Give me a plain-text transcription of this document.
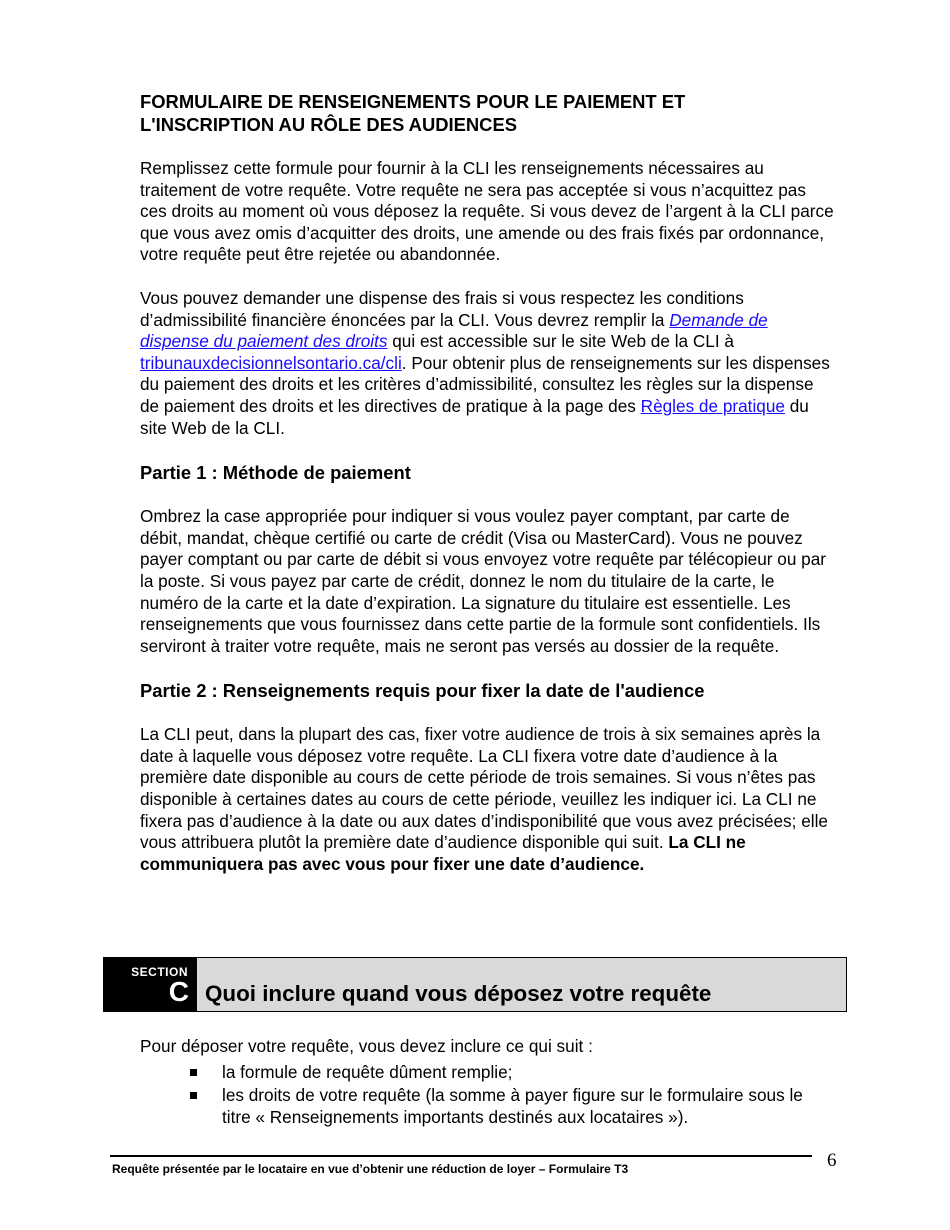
FORMULAIRE DE RENSEIGNEMENTS POUR LE PAIEMENT ET
L'INSCRIPTION AU RÔLE DES AUDIENCES

Remplissez cette formule pour fournir à la CLI les renseignements nécessaires au traitement de votre requête. Votre requête ne sera pas acceptée si vous n’acquittez pas ces droits au moment où vous déposez la requête. Si vous devez de l’argent à la CLI parce que vous avez omis d’acquitter des droits, une amende ou des frais fixés par ordonnance, votre requête peut être rejetée ou abandonnée.

Vous pouvez demander une dispense des frais si vous respectez les conditions d’admissibilité financière énoncées par la CLI. Vous devrez remplir la Demande de dispense du paiement des droits qui est accessible sur le site Web de la CLI à tribunauxdecisionnelsontario.ca/cli. Pour obtenir plus de renseignements sur les dispenses du paiement des droits et les critères d’admissibilité, consultez les règles sur la dispense de paiement des droits et les directives de pratique à la page des Règles de pratique du site Web de la CLI.

Partie 1 : Méthode de paiement

Ombrez la case appropriée pour indiquer si vous voulez payer comptant, par carte de débit, mandat, chèque certifié ou carte de crédit (Visa ou MasterCard). Vous ne pouvez payer comptant ou par carte de débit si vous envoyez votre requête par télécopieur ou par la poste. Si vous payez par carte de crédit, donnez le nom du titulaire de la carte, le numéro de la carte et la date d’expiration. La signature du titulaire est essentielle. Les renseignements que vous fournissez dans cette partie de la formule sont confidentiels. Ils serviront à traiter votre requête, mais ne seront pas versés au dossier de la requête.

Partie 2 : Renseignements requis pour fixer la date de l'audience

La CLI peut, dans la plupart des cas, fixer votre audience de trois à six semaines après la date à laquelle vous déposez votre requête. La CLI fixera votre date d’audience à la première date disponible au cours de cette période de trois semaines. Si vous n’êtes pas disponible à certaines dates au cours de cette période, veuillez les indiquer ici. La CLI ne fixera pas d’audience à la date ou aux dates d’indisponibilité que vous avez précisées; elle vous attribuera plutôt la première date d’audience disponible qui suit. La CLI ne communiquera pas avec vous pour fixer une date d’audience.

SECTION
C Quoi inclure quand vous déposez votre requête
Pour déposer votre requête, vous devez inclure ce qui suit :
la formule de requête dûment remplie;
les droits de votre requête (la somme à payer figure sur le formulaire sous le titre « Renseignements importants destinés aux locataires »).
Requête présentée par le locataire en vue d’obtenir une réduction de loyer – Formulaire T3	6
